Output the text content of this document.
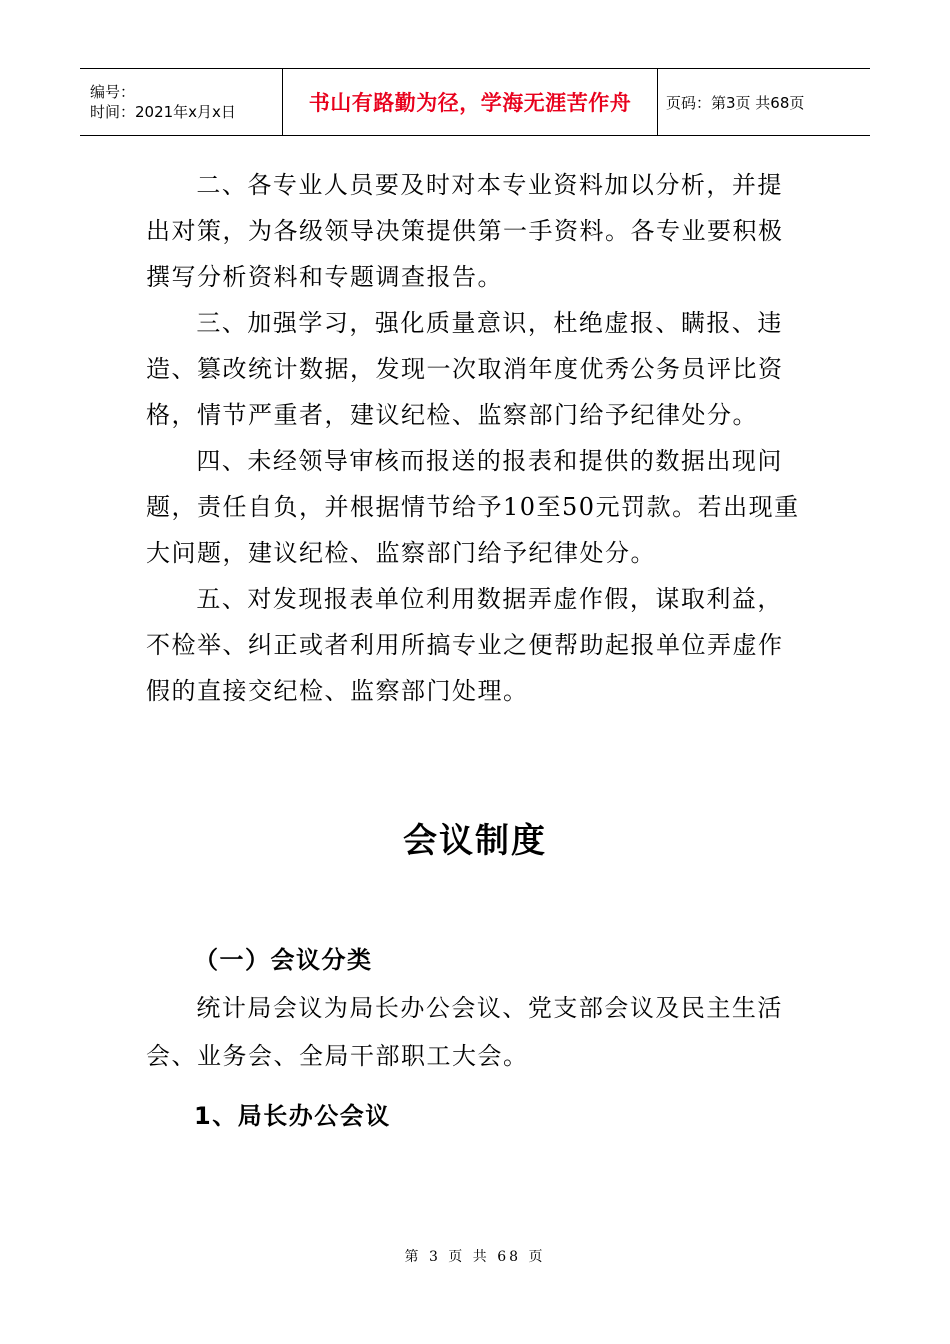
编号：
时间：2021年x月x日	书山有路勤为径，学海无涯苦作舟 页码：第3页 共68页

二、各专业人员要及时对本专业资料加以分析，并提出对策，为各级领导决策提供第一手资料。各专业要积极撰写分析资料和专题调查报告。

三、加强学习，强化质量意识，杜绝虚报、瞒报、违造、篡改统计数据，发现一次取消年度优秀公务员评比资格，情节严重者，建议纪检、监察部门给予纪律处分。

四、未经领导审核而报送的报表和提供的数据出现问题，责任自负，并根据情节给予10至50元罚款。若出现重大问题，建议纪检、监察部门给予纪律处分。

五、对发现报表单位利用数据弄虚作假，谋取利益，不检举、纠正或者利用所搞专业之便帮助起报单位弄虚作假的直接交纪检、监察部门处理。

会议制度

（一）会议分类

统计局会议为局长办公会议、党支部会议及民主生活会、业务会、全局干部职工大会。

1、局长办公会议

第 3 页 共 68 页
